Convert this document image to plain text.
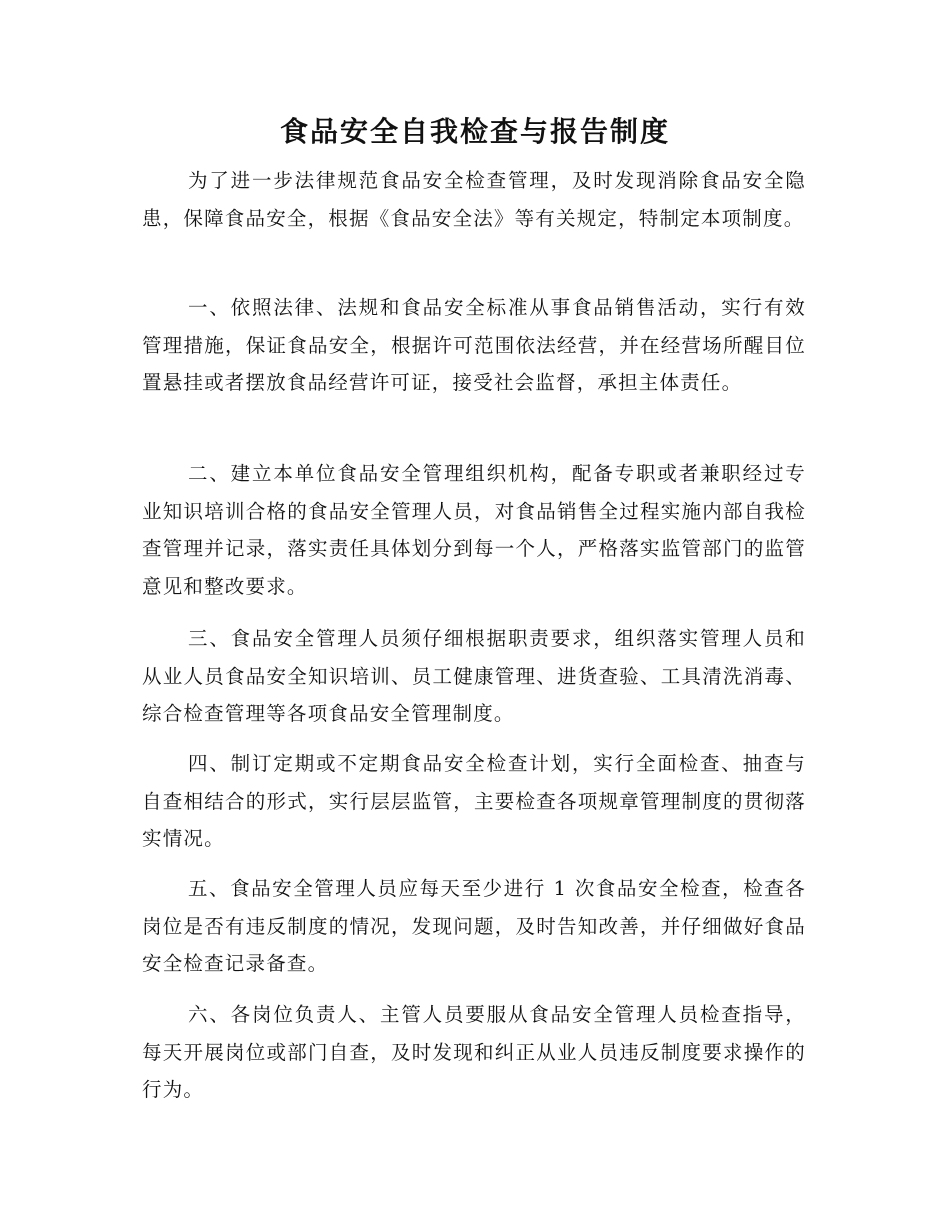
食品安全自我检查与报告制度

为了进一步法律规范食品安全检查管理，及时发现消除食品安全隐患，保障食品安全，根据《食品安全法》等有关规定，特制定本项制度。

一、依照法律、法规和食品安全标准从事食品销售活动，实行有效管理措施，保证食品安全，根据许可范围依法经营，并在经营场所醒目位置悬挂或者摆放食品经营许可证，接受社会监督，承担主体责任。

二、建立本单位食品安全管理组织机构，配备专职或者兼职经过专业知识培训合格的食品安全管理人员，对食品销售全过程实施内部自我检查管理并记录，落实责任具体划分到每一个人，严格落实监管部门的监管意见和整改要求。

三、食品安全管理人员须仔细根据职责要求，组织落实管理人员和从业人员食品安全知识培训、员工健康管理、进货查验、工具清洗消毒、综合检查管理等各项食品安全管理制度。

四、制订定期或不定期食品安全检查计划，实行全面检查、抽查与自查相结合的形式，实行层层监管，主要检查各项规章管理制度的贯彻落实情况。

五、食品安全管理人员应每天至少进行 1 次食品安全检查，检查各岗位是否有违反制度的情况，发现问题，及时告知改善，并仔细做好食品安全检查记录备查。

六、各岗位负责人、主管人员要服从食品安全管理人员检查指导，每天开展岗位或部门自查，及时发现和纠正从业人员违反制度要求操作的行为。
